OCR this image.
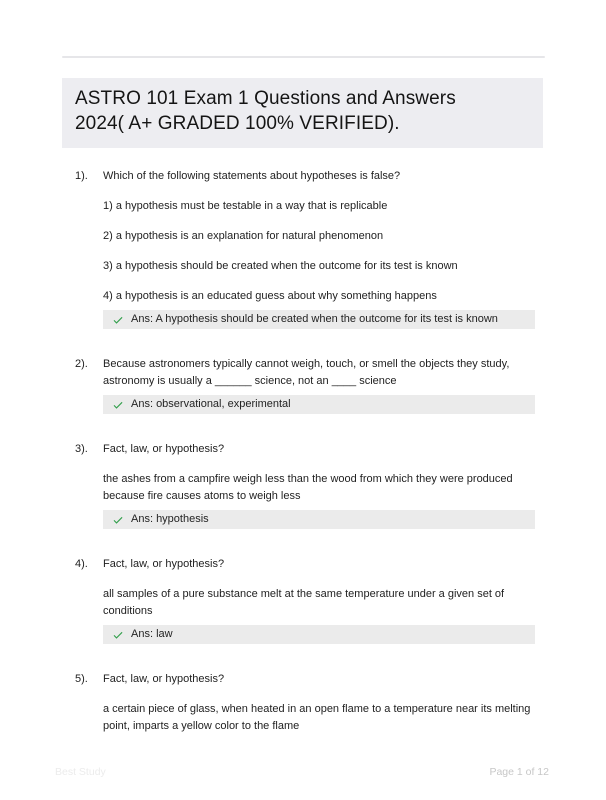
ASTRO 101 Exam 1 Questions and Answers
2024( A+ GRADED 100% VERIFIED).
1).	Which of the following statements about hypotheses is false?
1) a hypothesis must be testable in a way that is replicable
2) a hypothesis is an explanation for natural phenomenon
3) a hypothesis should be created when the outcome for its test is known
4) a hypothesis is an educated guess about why something happens
Ans: A hypothesis should be created when the outcome for its test is known
2).	Because astronomers typically cannot weigh, touch, or smell the objects they study, astronomy is usually a ______ science, not an ____ science
Ans: observational, experimental
3).	Fact, law, or hypothesis?
the ashes from a campfire weigh less than the wood from which they were produced because fire causes atoms to weigh less
Ans: hypothesis
4).	Fact, law, or hypothesis?
all samples of a pure substance melt at the same temperature under a given set of conditions
Ans: law
5).	Fact, law, or hypothesis?
a certain piece of glass, when heated in an open flame to a temperature near its melting point, imparts a yellow color to the flame
Best Study	Page 1 of 12
